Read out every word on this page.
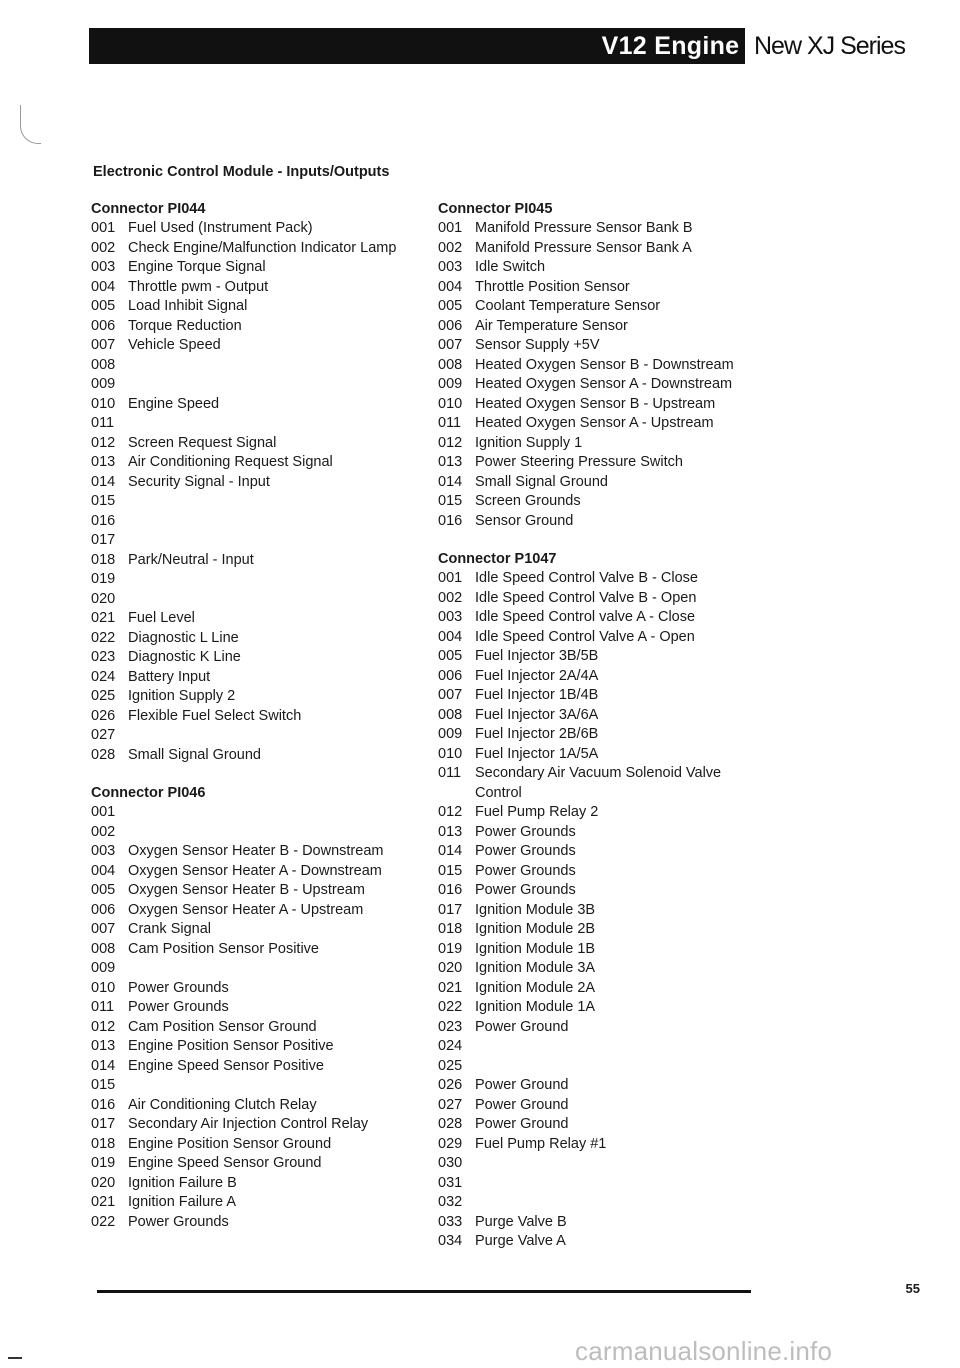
V12 Engine New XJ Series
Electronic Control Module - Inputs/Outputs
Connector PI044
001 Fuel Used (Instrument Pack)
002 Check Engine/Malfunction Indicator Lamp
003 Engine Torque Signal
004 Throttle pwm - Output
005 Load Inhibit Signal
006 Torque Reduction
007 Vehicle Speed
008
009
010 Engine Speed
011
012 Screen Request Signal
013 Air Conditioning Request Signal
014 Security Signal - Input
015
016
017
018 Park/Neutral - Input
019
020
021 Fuel Level
022 Diagnostic L Line
023 Diagnostic K Line
024 Battery Input
025 Ignition Supply 2
026 Flexible Fuel Select Switch
027
028 Small Signal Ground
Connector PI046
001
002
003 Oxygen Sensor Heater B - Downstream
004 Oxygen Sensor Heater A - Downstream
005 Oxygen Sensor Heater B - Upstream
006 Oxygen Sensor Heater A - Upstream
007 Crank Signal
008 Cam Position Sensor Positive
009
010 Power Grounds
011 Power Grounds
012 Cam Position Sensor Ground
013 Engine Position Sensor Positive
014 Engine Speed Sensor Positive
015
016 Air Conditioning Clutch Relay
017 Secondary Air Injection Control Relay
018 Engine Position Sensor Ground
019 Engine Speed Sensor Ground
020 Ignition Failure B
021 Ignition Failure A
022 Power Grounds
Connector PI045
001 Manifold Pressure Sensor Bank B
002 Manifold Pressure Sensor Bank A
003 Idle Switch
004 Throttle Position Sensor
005 Coolant Temperature Sensor
006 Air Temperature Sensor
007 Sensor Supply +5V
008 Heated Oxygen Sensor B - Downstream
009 Heated Oxygen Sensor A - Downstream
010 Heated Oxygen Sensor B - Upstream
011 Heated Oxygen Sensor A - Upstream
012 Ignition Supply 1
013 Power Steering Pressure Switch
014 Small Signal Ground
015 Screen Grounds
016 Sensor Ground
Connector P1047
001 Idle Speed Control Valve B - Close
002 Idle Speed Control Valve B - Open
003 Idle Speed Control valve A - Close
004 Idle Speed Control Valve A - Open
005 Fuel Injector 3B/5B
006 Fuel Injector 2A/4A
007 Fuel Injector 1B/4B
008 Fuel Injector 3A/6A
009 Fuel Injector 2B/6B
010 Fuel Injector 1A/5A
011 Secondary Air Vacuum Solenoid Valve Control
012 Fuel Pump Relay 2
013 Power Grounds
014 Power Grounds
015 Power Grounds
016 Power Grounds
017 Ignition Module 3B
018 Ignition Module 2B
019 Ignition Module 1B
020 Ignition Module 3A
021 Ignition Module 2A
022 Ignition Module 1A
023 Power Ground
024
025
026 Power Ground
027 Power Ground
028 Power Ground
029 Fuel Pump Relay #1
030
031
032
033 Purge Valve B
034 Purge Valve A
55
carmanualsonline.info
